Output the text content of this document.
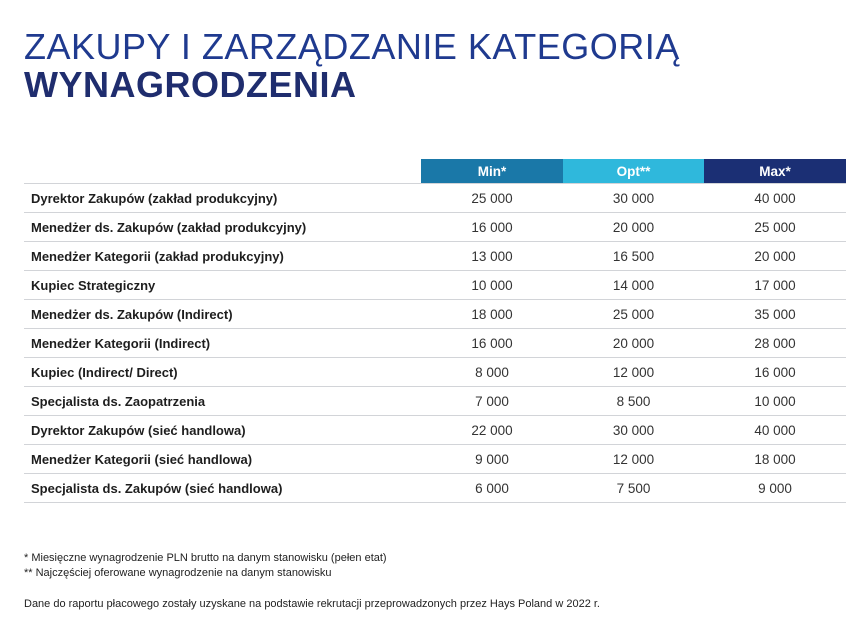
ZAKUPY I ZARZĄDZANIE KATEGORIĄ
WYNAGRODZENIA
	Min*	Opt**	Max*
Dyrektor Zakupów (zakład produkcyjny)	25 000	30 000	40 000
Menedżer ds. Zakupów (zakład produkcyjny)	16 000	20 000	25 000
Menedżer Kategorii (zakład produkcyjny)	13 000	16 500	20 000
Kupiec Strategiczny	10 000	14 000	17 000
Menedżer ds. Zakupów (Indirect)	18 000	25 000	35 000
Menedżer Kategorii (Indirect)	16 000	20 000	28 000
Kupiec (Indirect/ Direct)	8 000	12 000	16 000
Specjalista ds. Zaopatrzenia	7 000	8 500	10 000
Dyrektor Zakupów (sieć handlowa)	22 000	30 000	40 000
Menedżer Kategorii (sieć handlowa)	9 000	12 000	18 000
Specjalista ds. Zakupów (sieć handlowa)	6 000	7 500	9 000
* Miesięczne wynagrodzenie PLN brutto na danym stanowisku (pełen etat)
** Najczęściej oferowane wynagrodzenie na danym stanowisku
Dane do raportu płacowego zostały uzyskane na podstawie rekrutacji przeprowadzonych przez Hays Poland w 2022 r.
